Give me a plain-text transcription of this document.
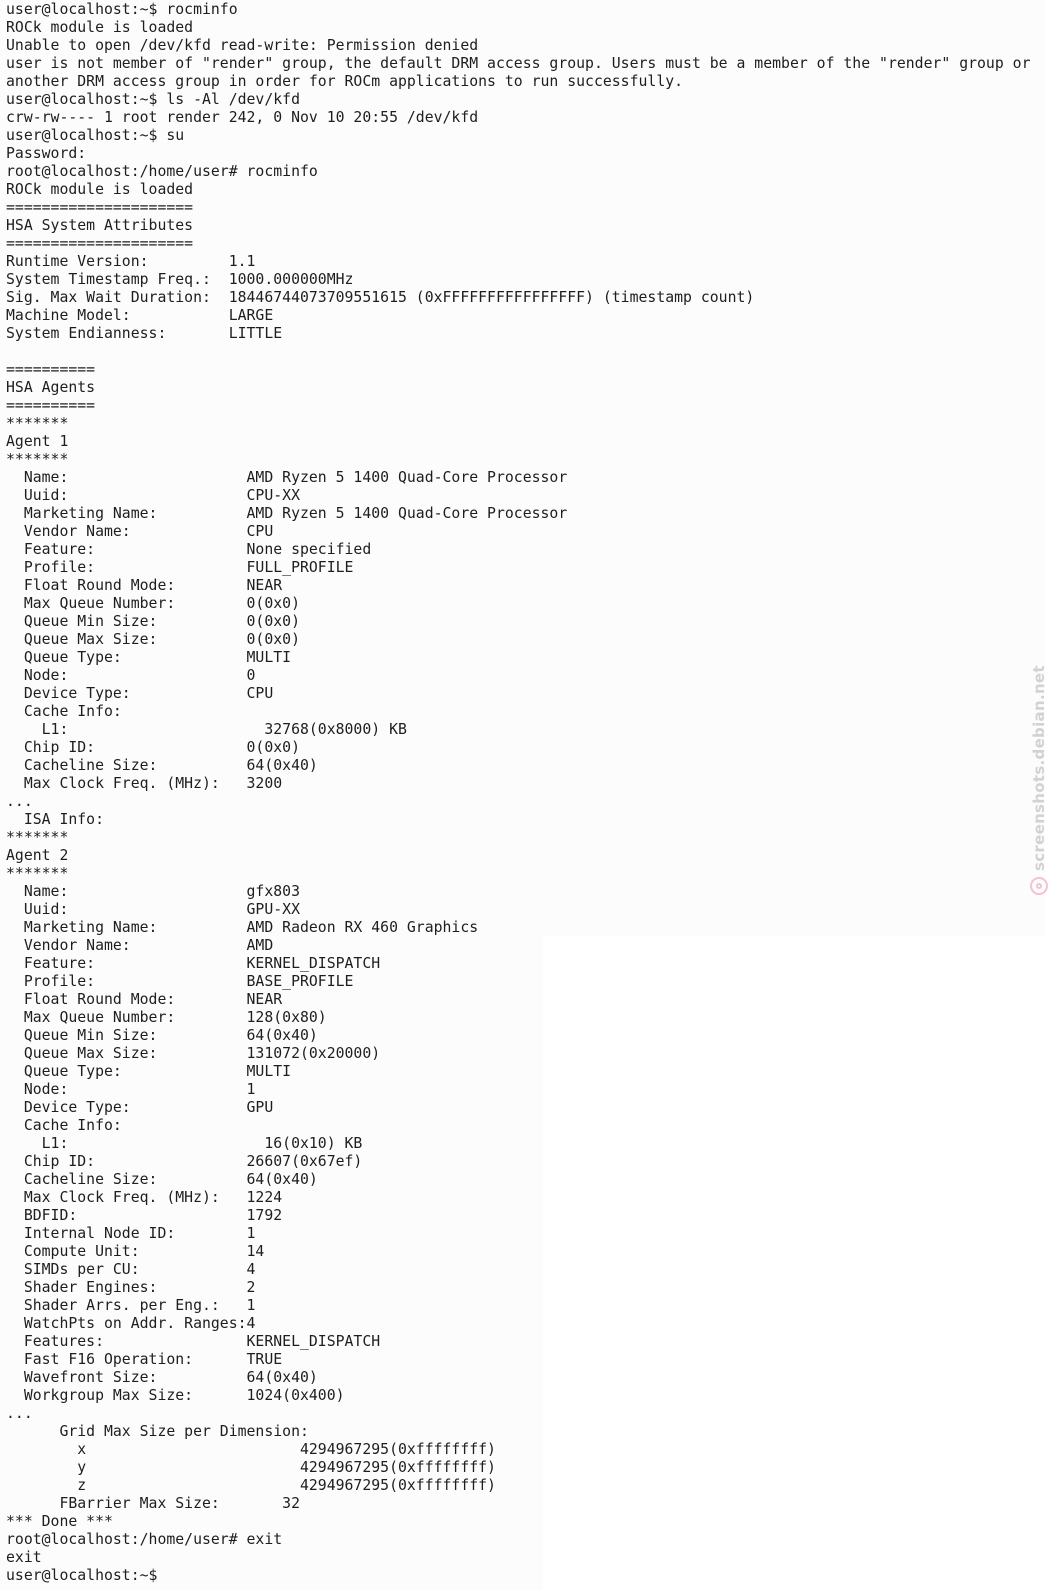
user@localhost:~$ rocminfo
ROCk module is loaded
Unable to open /dev/kfd read-write: Permission denied
user is not member of "render" group, the default DRM access group. Users must be a member of the "render" group or
another DRM access group in order for ROCm applications to run successfully.
user@localhost:~$ ls -Al /dev/kfd
crw-rw---- 1 root render 242, 0 Nov 10 20:55 /dev/kfd
user@localhost:~$ su
Password:
root@localhost:/home/user# rocminfo
ROCk module is loaded
=====================
HSA System Attributes
=====================
Runtime Version:         1.1
System Timestamp Freq.:  1000.000000MHz
Sig. Max Wait Duration:  18446744073709551615 (0xFFFFFFFFFFFFFFFF) (timestamp count)
Machine Model:           LARGE
System Endianness:       LITTLE
==========
HSA Agents
==========
*******
Agent 1
*******
Name:                    AMD Ryzen 5 1400 Quad-Core Processor
Uuid:                    CPU-XX
Marketing Name:          AMD Ryzen 5 1400 Quad-Core Processor
Vendor Name:             CPU
Feature:                 None specified
Profile:                 FULL_PROFILE
Float Round Mode:        NEAR
Max Queue Number:        0(0x0)
Queue Min Size:          0(0x0)
Queue Max Size:          0(0x0)
Queue Type:              MULTI
Node:                    0
Device Type:             CPU
Cache Info:
L1:                      32768(0x8000) KB
Chip ID:                 0(0x0)
Cacheline Size:          64(0x40)
Max Clock Freq. (MHz):   3200
...
ISA Info:
*******
Agent 2
*******
Name:                    gfx803
Uuid:                    GPU-XX
Marketing Name:          AMD Radeon RX 460 Graphics
Vendor Name:             AMD
Feature:                 KERNEL_DISPATCH
Profile:                 BASE_PROFILE
Float Round Mode:        NEAR
Max Queue Number:        128(0x80)
Queue Min Size:          64(0x40)
Queue Max Size:          131072(0x20000)
Queue Type:              MULTI
Node:                    1
Device Type:             GPU
Cache Info:
L1:                      16(0x10) KB
Chip ID:                 26607(0x67ef)
Cacheline Size:          64(0x40)
Max Clock Freq. (MHz):   1224
BDFID:                   1792
Internal Node ID:        1
Compute Unit:            14
SIMDs per CU:            4
Shader Engines:          2
Shader Arrs. per Eng.:   1
WatchPts on Addr. Ranges:4
Features:                KERNEL_DISPATCH
Fast F16 Operation:      TRUE
Wavefront Size:          64(0x40)
Workgroup Max Size:      1024(0x400)
...
Grid Max Size per Dimension:
x                        4294967295(0xffffffff)
y                        4294967295(0xffffffff)
z                        4294967295(0xffffffff)
FBarrier Max Size:       32
*** Done ***
root@localhost:/home/user# exit
exit
user@localhost:~$
screenshots.debian.net
